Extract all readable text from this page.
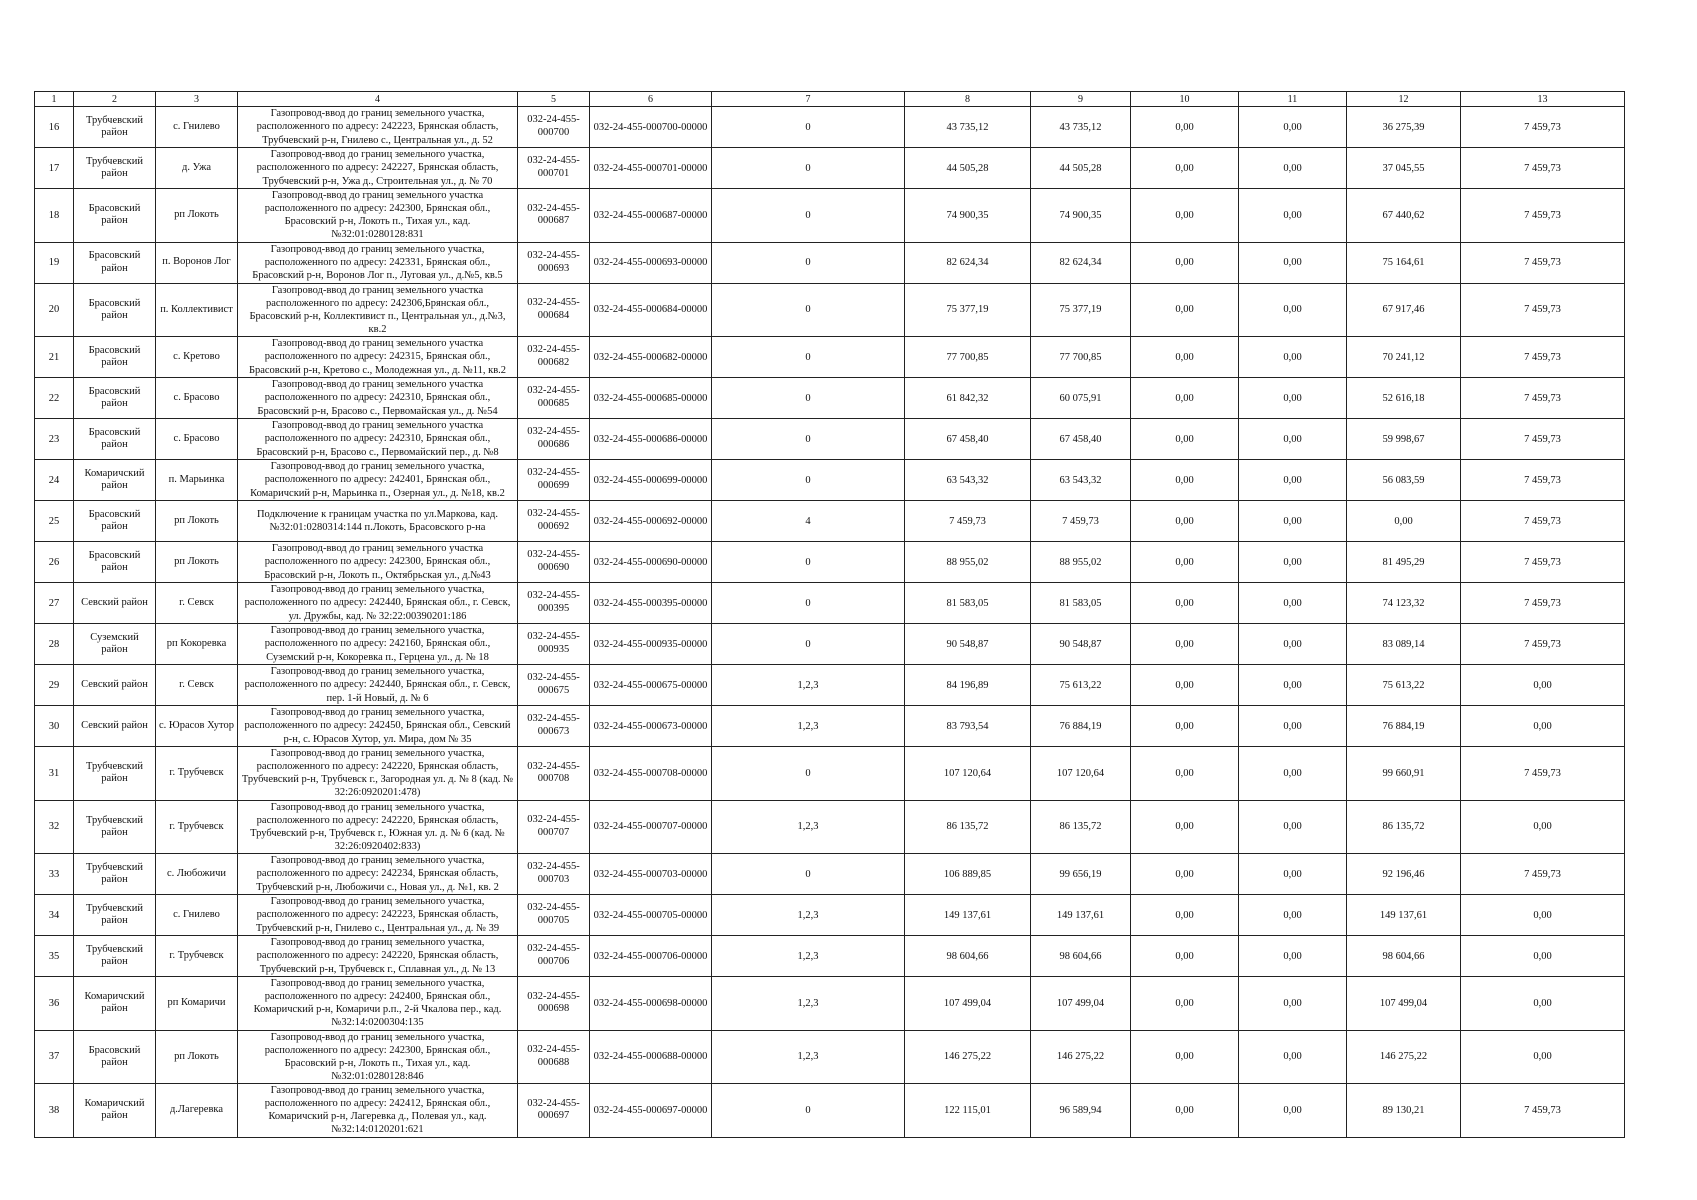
1	2	3	4	5	6	7	8	9	10	11	12	13
16	Трубчевский район	с. Гнилево	Газопровод-ввод до границ земельного участка, расположенного по адресу: 242223, Брянская область, Трубчевский р-н, Гнилево с., Центральная ул., д. 52	032-24-455-000700	032-24-455-000700-00000	0	43 735,12	43 735,12	0,00	0,00	36 275,39	7 459,73
17	Трубчевский район	д. Ужа	Газопровод-ввод до границ земельного участка, расположенного по адресу: 242227, Брянская область, Трубчевский р-н, Ужа д., Строительная ул., д. № 70	032-24-455-000701	032-24-455-000701-00000	0	44 505,28	44 505,28	0,00	0,00	37 045,55	7 459,73
18	Брасовский район	рп Локоть	Газопровод-ввод до границ земельного участка расположенного по адресу: 242300, Брянская обл., Брасовский р-н, Локоть п., Тихая ул., кад. №32:01:0280128:831	032-24-455-000687	032-24-455-000687-00000	0	74 900,35	74 900,35	0,00	0,00	67 440,62	7 459,73
19	Брасовский район	п. Воронов Лог	Газопровод-ввод до границ земельного участка, расположенного по адресу: 242331, Брянская обл., Брасовский р-н, Воронов Лог п., Луговая ул., д.№5, кв.5	032-24-455-000693	032-24-455-000693-00000	0	82 624,34	82 624,34	0,00	0,00	75 164,61	7 459,73
20	Брасовский район	п. Коллективист	Газопровод-ввод до границ земельного участка расположенного по адресу: 242306,Брянская обл., Брасовский р-н, Коллективист п., Центральная ул., д.№3, кв.2	032-24-455-000684	032-24-455-000684-00000	0	75 377,19	75 377,19	0,00	0,00	67 917,46	7 459,73
21	Брасовский район	с. Кретово	Газопровод-ввод до границ земельного участка расположенного по адресу: 242315, Брянская обл., Брасовский р-н, Кретово с., Молодежная ул., д. №11, кв.2	032-24-455-000682	032-24-455-000682-00000	0	77 700,85	77 700,85	0,00	0,00	70 241,12	7 459,73
22	Брасовский район	с. Брасово	Газопровод-ввод до границ земельного участка расположенного по адресу: 242310, Брянская обл., Брасовский р-н, Брасово с., Первомайская ул., д. №54	032-24-455-000685	032-24-455-000685-00000	0	61 842,32	60 075,91	0,00	0,00	52 616,18	7 459,73
23	Брасовский район	с. Брасово	Газопровод-ввод до границ земельного участка расположенного по адресу: 242310, Брянская обл., Брасовский р-н, Брасово с., Первомайский пер., д. №8	032-24-455-000686	032-24-455-000686-00000	0	67 458,40	67 458,40	0,00	0,00	59 998,67	7 459,73
24	Комаричский район	п. Марьинка	Газопровод-ввод до границ земельного участка, расположенного по адресу: 242401, Брянская обл., Комаричский р-н, Марьинка п., Озерная ул., д. №18, кв.2	032-24-455-000699	032-24-455-000699-00000	0	63 543,32	63 543,32	0,00	0,00	56 083,59	7 459,73
25	Брасовский район	рп Локоть	Подключение к границам участка по ул.Маркова, кад.№32:01:0280314:144 п.Локоть, Брасовского р-на	032-24-455-000692	032-24-455-000692-00000	4	7 459,73	7 459,73	0,00	0,00	0,00	7 459,73
26	Брасовский район	рп Локоть	Газопровод-ввод до границ земельного участка расположенного по адресу: 242300, Брянская обл., Брасовский р-н, Локоть п., Октябрьская ул., д.№43	032-24-455-000690	032-24-455-000690-00000	0	88 955,02	88 955,02	0,00	0,00	81 495,29	7 459,73
27	Севский район	г. Севск	Газопровод-ввод до границ земельного участка, расположенного по адресу: 242440, Брянская обл., г. Севск, ул. Дружбы, кад. № 32:22:00390201:186	032-24-455-000395	032-24-455-000395-00000	0	81 583,05	81 583,05	0,00	0,00	74 123,32	7 459,73
28	Суземский район	рп Кокоревка	Газопровод-ввод до границ земельного участка, расположенного по адресу: 242160, Брянская обл., Суземский р-н, Кокоревка п., Герцена ул., д. № 18	032-24-455-000935	032-24-455-000935-00000	0	90 548,87	90 548,87	0,00	0,00	83 089,14	7 459,73
29	Севский район	г. Севск	Газопровод-ввод до границ земельного участка, расположенного по адресу: 242440, Брянская обл., г. Севск, пер. 1-й Новый, д. № 6	032-24-455-000675	032-24-455-000675-00000	1,2,3	84 196,89	75 613,22	0,00	0,00	75 613,22	0,00
30	Севский район	с. Юрасов Хутор	Газопровод-ввод до границ земельного участка, расположенного по адресу: 242450, Брянская обл., Севский р-н, с. Юрасов Хутор, ул. Мира, дом № 35	032-24-455-000673	032-24-455-000673-00000	1,2,3	83 793,54	76 884,19	0,00	0,00	76 884,19	0,00
31	Трубчевский район	г. Трубчевск	Газопровод-ввод до границ земельного участка, расположенного по адресу: 242220, Брянская область, Трубчевский р-н, Трубчевск г., Загородная ул. д. № 8 (кад. № 32:26:0920201:478)	032-24-455-000708	032-24-455-000708-00000	0	107 120,64	107 120,64	0,00	0,00	99 660,91	7 459,73
32	Трубчевский район	г. Трубчевск	Газопровод-ввод до границ земельного участка, расположенного по адресу: 242220, Брянская область, Трубчевский р-н, Трубчевск г., Южная ул. д. № 6 (кад. № 32:26:0920402:833)	032-24-455-000707	032-24-455-000707-00000	1,2,3	86 135,72	86 135,72	0,00	0,00	86 135,72	0,00
33	Трубчевский район	с. Любожичи	Газопровод-ввод до границ земельного участка, расположенного по адресу: 242234, Брянская область, Трубчевский р-н, Любожичи с., Новая ул., д. №1, кв. 2	032-24-455-000703	032-24-455-000703-00000	0	106 889,85	99 656,19	0,00	0,00	92 196,46	7 459,73
34	Трубчевский район	с. Гнилево	Газопровод-ввод до границ земельного участка, расположенного по адресу: 242223, Брянская область, Трубчевский р-н, Гнилево с., Центральная ул., д. № 39	032-24-455-000705	032-24-455-000705-00000	1,2,3	149 137,61	149 137,61	0,00	0,00	149 137,61	0,00
35	Трубчевский район	г. Трубчевск	Газопровод-ввод до границ земельного участка, расположенного по адресу: 242220, Брянская область, Трубчевский р-н, Трубчевск г., Сплавная ул., д. № 13	032-24-455-000706	032-24-455-000706-00000	1,2,3	98 604,66	98 604,66	0,00	0,00	98 604,66	0,00
36	Комаричский район	рп Комаричи	Газопровод-ввод до границ земельного участка, расположенного по адресу: 242400, Брянская обл., Комаричский р-н, Комаричи р.п., 2-й Чкалова пер., кад. №32:14:0200304:135	032-24-455-000698	032-24-455-000698-00000	1,2,3	107 499,04	107 499,04	0,00	0,00	107 499,04	0,00
37	Брасовский район	рп Локоть	Газопровод-ввод до границ земельного участка, расположенного по адресу: 242300, Брянская обл., Брасовский р-н, Локоть п., Тихая ул., кад. №32:01:0280128:846	032-24-455-000688	032-24-455-000688-00000	1,2,3	146 275,22	146 275,22	0,00	0,00	146 275,22	0,00
38	Комаричский район	д.Лагеревка	Газопровод-ввод до границ земельного участка, расположенного по адресу: 242412, Брянская обл., Комаричский р-н, Лагеревка д., Полевая ул., кад.№32:14:0120201:621	032-24-455-000697	032-24-455-000697-00000	0	122 115,01	96 589,94	0,00	0,00	89 130,21	7 459,73
